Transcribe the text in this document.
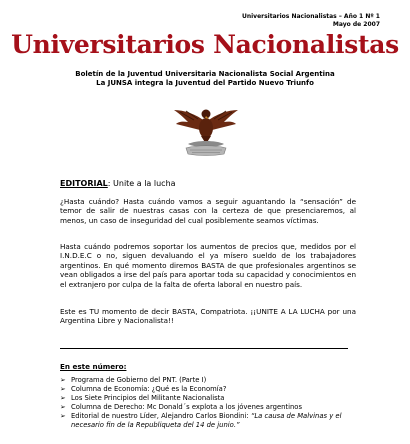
Universitarios Nacionalistas – Año 1 Nº 1
Mayo de 2007
Universitarios Nacionalistas
Boletín de la Juventud Universitaria Nacionalista Social Argentina
La JUNSA integra la Juventud del Partido Nuevo Triunfo
EDITORIAL: Unite a la lucha
¿Hasta cuándo? Hasta cuándo vamos a seguir aguantando la “sensación” de temor de salir de nuestras casas con la certeza de que presenciaremos, al menos, un caso de inseguridad del cual posiblemente seamos víctimas.
Hasta cuándo podremos soportar los aumentos de precios que, medidos por el I.N.D.E.C o no, siguen devaluando el ya mísero sueldo de los trabajadores argentinos. En qué momento diremos BASTA de que profesionales argentinos se vean obligados a irse del país para aportar toda su capacidad y conocimientos en el extranjero por culpa de la falta de oferta laboral en nuestro país.
Este es TU momento de decir BASTA, Compatriota. ¡¡UNITE A LA LUCHA por una Argentina Libre y Nacionalista!!
En este número:
➢ Programa de Gobierno del PNT. (Parte I)
➢ Columna de Economía: ¿Qué es la Economía?
➢ Los Siete Principios del Militante Nacionalista
➢ Columna de Derecho: Mc Donald´s explota a los jóvenes argentinos
➢ Editorial de nuestro Líder, Alejandro Carlos Biondini: “La causa de Malvinas y el necesario fin de la Republiqueta del 14 de junio.”
